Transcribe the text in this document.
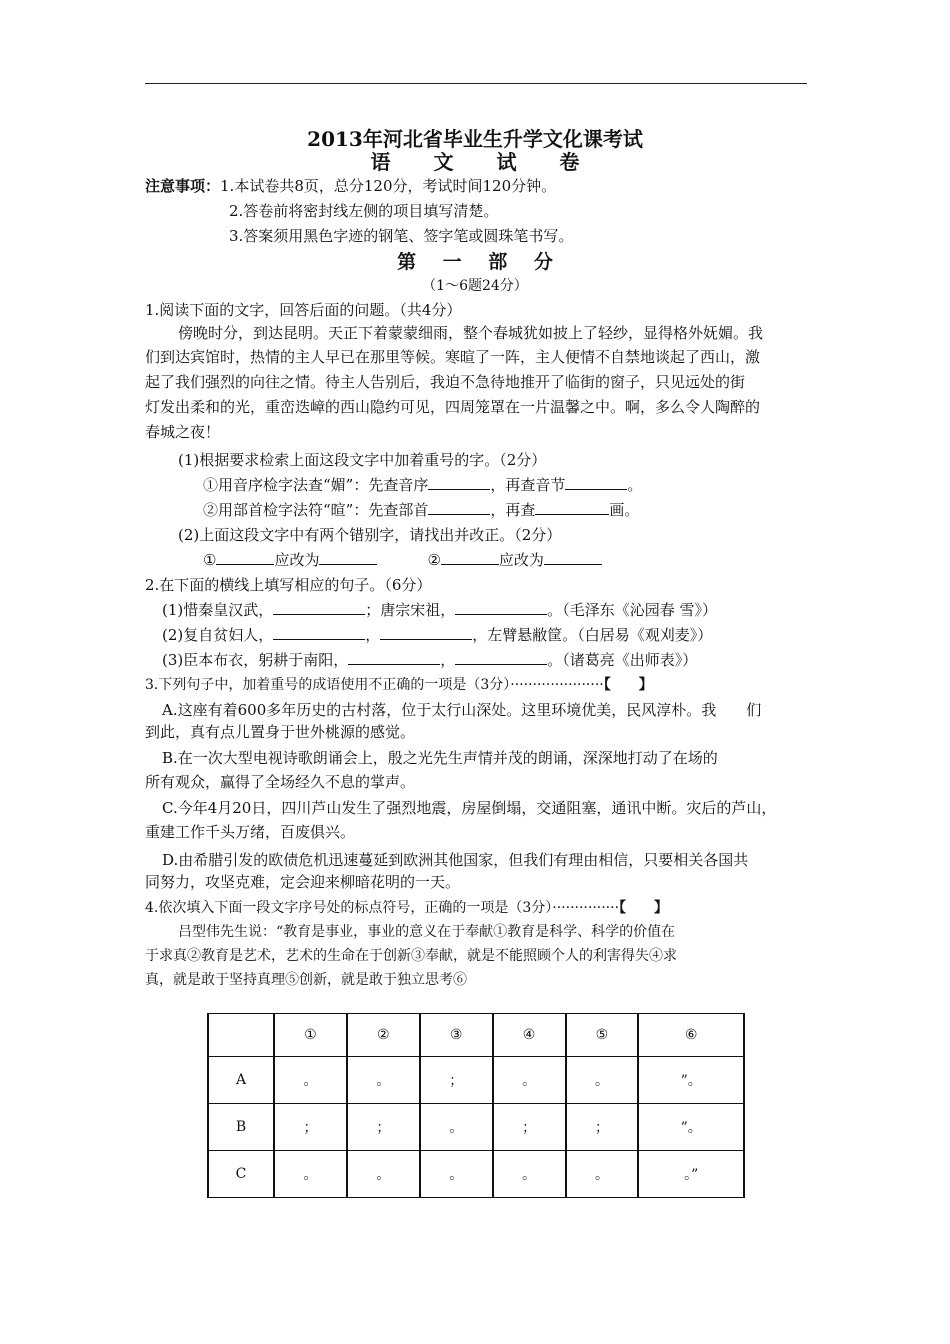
2013年河北省毕业生升学文化课考试
语 文 试 卷
注意事项：1.本试卷共8页，总分120分，考试时间120分钟。
2.答卷前将密封线左侧的项目填写清楚。
3.答案须用黑色字迹的钢笔、签字笔或圆珠笔书写。
第 一 部 分
（1～6题24分）
1.阅读下面的文字，回答后面的问题。（共4分）
傍晚时分，到达昆明。天正下着蒙蒙细雨，整个春城犹如披上了轻纱，显得格外妩媚。我
们到达宾馆时，热情的主人早已在那里等候。寒暄了一阵，主人便情不自禁地谈起了西山，激
起了我们强烈的向往之情。待主人告别后，我迫不急待地推开了临街的窗子，只见远处的街
灯发出柔和的光，重峦迭嶂的西山隐约可见，四周笼罩在一片温馨之中。啊，多么令人陶醉的
春城之夜！
(1)根据要求检索上面这段文字中加着重号的字。（2分）
①用音序检字法查“媚”：先查音序	，再查音节	。
②用部首检字法符“暄”：先查部首	，再查	画。
(2)上面这段文字中有两个错别字，请找出并改正。（2分）
①	应改为	②	应改为
2.在下面的横线上填写相应的句子。（6分）
(1)惜秦皇汉武，	；唐宗宋祖，	。（毛泽东《沁园春 雪》）
(2)复自贫妇人，	，	，左臂悬敝筐。（白居易《观刈麦》）
(3)臣本布衣，躬耕于南阳，	，	。（诸葛亮《出师表》）
3.下列句子中，加着重号的成语使用不正确的一项是（3分）·····················【　　】
A.这座有着600多年历史的古村落，位于太行山深处。这里环境优美，民风淳朴。我　　们
到此，真有点儿置身于世外桃源的感觉。
B.在一次大型电视诗歌朗诵会上，殷之光先生声情并茂的朗诵，深深地打动了在场的
所有观众，赢得了全场经久不息的掌声。
C.今年4月20日，四川芦山发生了强烈地震，房屋倒塌，交通阻塞，通讯中断。灾后的芦山，
重建工作千头万绪，百废俱兴。
D.由希腊引发的欧债危机迅速蔓延到欧洲其他国家，但我们有理由相信，只要相关各国共
同努力，攻坚克难，定会迎来柳暗花明的一天。
4.依次填入下面一段文字序号处的标点符号，正确的一项是（3分）···············【　　】
吕型伟先生说：“教育是事业，事业的意义在于奉献①教育是科学、科学的价值在
于求真②教育是艺术，艺术的生命在于创新③奉献，就是不能照顾个人的利害得失④求
真，就是敢于坚持真理⑤创新，就是敢于独立思考⑥
	①	②	③	④	⑤	⑥
A	。	。	；	。	。	”。
B	；	；	。	；	；	”。
C	。	。	。	。	。	。”
